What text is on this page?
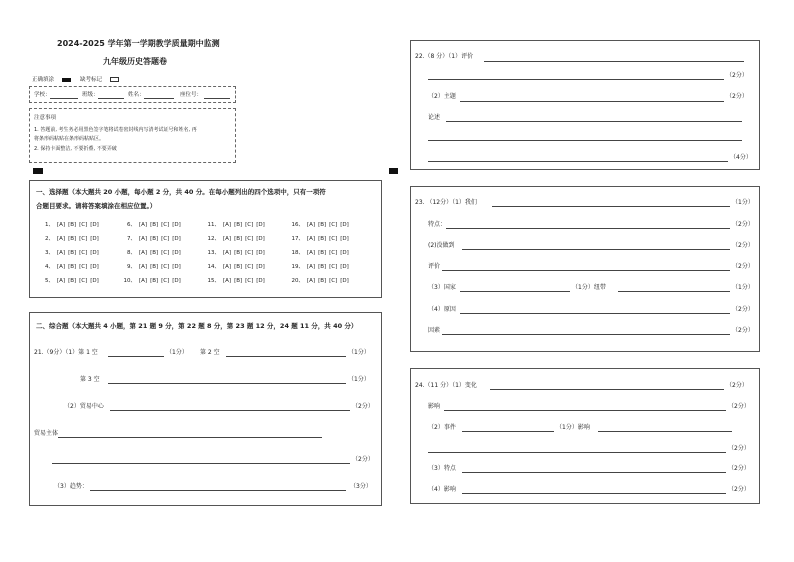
2024-2025 学年第一学期教学质量期中监测
九年级历史答题卷
正确填涂	缺考标记
学校：	班级：	姓名：	座位号：
注意事项
1. 答题前, 考生务必用黑色签字笔将试卷密封线内写清考试证号和姓名, 再
将条形码粘贴在条形码粘贴区。
2. 保持卡面整洁, 不要折叠, 不要弄破
一、选择题（本大题共 20 小题，每小题 2 分，共 40 分。在每小题列出的四个选项中，只有一项符
合题目要求。请将答案填涂在相应位置。）
1、 [A] [B] [C] [D]	6、 [A] [B] [C] [D]	11、 [A] [B] [C] [D]	16、 [A] [B] [C] [D]
2、 [A] [B] [C] [D]	7、 [A] [B] [C] [D]	12、 [A] [B] [C] [D]	17、 [A] [B] [C] [D]
3、 [A] [B] [C] [D]	8、 [A] [B] [C] [D]	13、 [A] [B] [C] [D]	18、 [A] [B] [C] [D]
4、 [A] [B] [C] [D]	9、 [A] [B] [C] [D]	14、 [A] [B] [C] [D]	19、 [A] [B] [C] [D]
5、 [A] [B] [C] [D]	10、 [A] [B] [C] [D]	15、 [A] [B] [C] [D]	20、 [A] [B] [C] [D]
二、综合题（本大题共 4 小题，第 21 题 9 分，第 22 题 8 分，第 23 题 12 分，24 题 11 分，共 40 分）
21.（9分）（1）第 1 空	（1分） 第 2 空	（1分）
第 3 空	（1分）
（2）贸易中心	（2分）
贸易主体
（2分）
（3）趋势：	（3分）
22.（8 分）（1）评价
（2分）
（2）主题	（2分）
论述
（4分）
23. （12分）（1）我们	（1分）
特点：	（2分）
(2)没做到	（2分）
评价	（2分）
（3）国家	（1分）纽带	（1分）
（4）原因	（2分）
因素	（2分）
24.（11 分）（1）变化	（2分）
影响	（2分）
（2）事件	（1分）影响
（2分）
（3）特点	（2分）
（4）影响	（2分）
